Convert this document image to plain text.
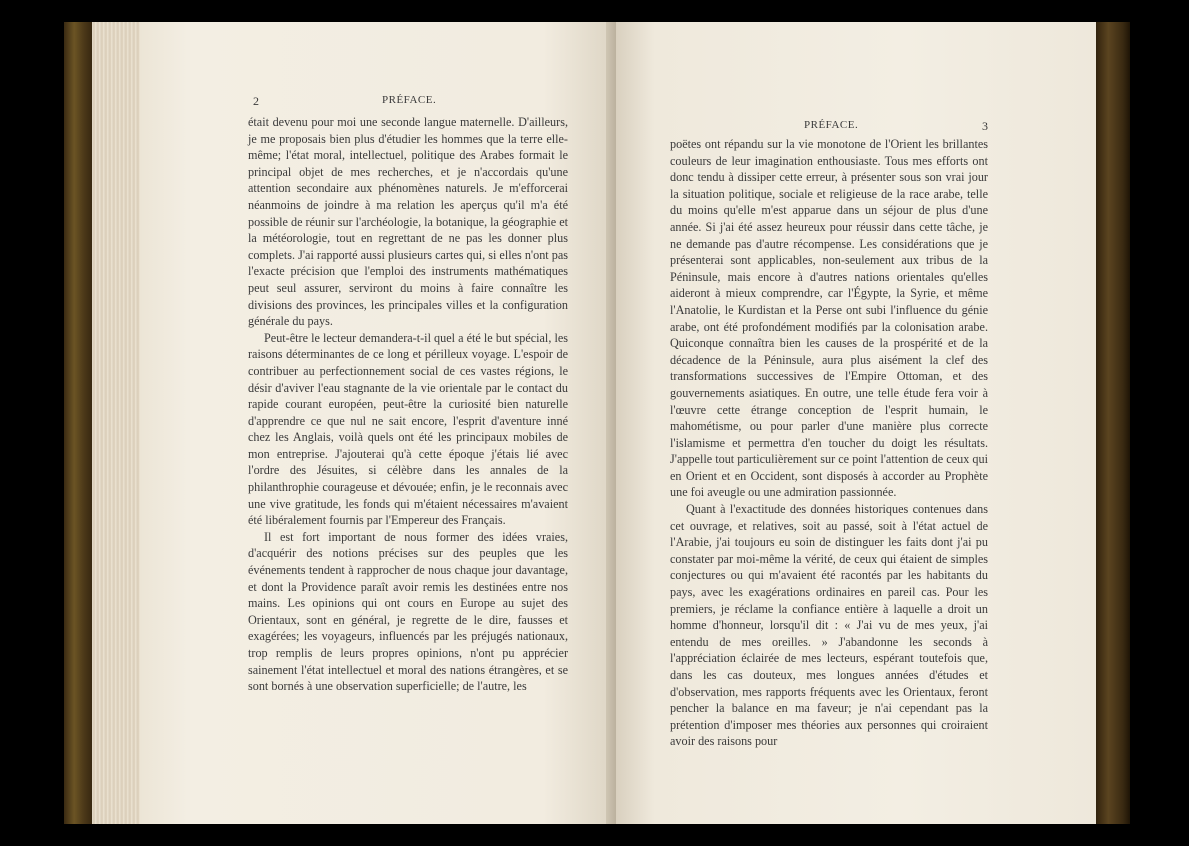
2	PRÉFACE.

était devenu pour moi une seconde langue maternelle. D'ailleurs, je me proposais bien plus d'étudier les hommes que la terre elle-même; l'état moral, intellectuel, politique des Arabes formait le principal objet de mes recherches, et je n'accordais qu'une attention secondaire aux phénomènes naturels. Je m'efforcerai néanmoins de joindre à ma relation les aperçus qu'il m'a été possible de réunir sur l'archéologie, la botanique, la géographie et la météorologie, tout en regrettant de ne pas les donner plus complets. J'ai rapporté aussi plusieurs cartes qui, si elles n'ont pas l'exacte précision que l'emploi des instruments mathématiques peut seul assurer, serviront du moins à faire connaître les divisions des provinces, les principales villes et la configuration générale du pays.

Peut-être le lecteur demandera-t-il quel a été le but spécial, les raisons déterminantes de ce long et périlleux voyage. L'espoir de contribuer au perfectionnement social de ces vastes régions, le désir d'aviver l'eau stagnante de la vie orientale par le contact du rapide courant européen, peut-être la curiosité bien naturelle d'apprendre ce que nul ne sait encore, l'esprit d'aventure inné chez les Anglais, voilà quels ont été les principaux mobiles de mon entreprise. J'ajouterai qu'à cette époque j'étais lié avec l'ordre des Jésuites, si célèbre dans les annales de la philanthrophie courageuse et dévouée; enfin, je le reconnais avec une vive gratitude, les fonds qui m'étaient nécessaires m'avaient été libéralement fournis par l'Empereur des Français.

Il est fort important de nous former des idées vraies, d'acquérir des notions précises sur des peuples que les événements tendent à rapprocher de nous chaque jour davantage, et dont la Providence paraît avoir remis les destinées entre nos mains. Les opinions qui ont cours en Europe au sujet des Orientaux, sont en général, je regrette de le dire, fausses et exagérées; les voyageurs, influencés par les préjugés nationaux, trop remplis de leurs propres opinions, n'ont pu apprécier sainement l'état intellectuel et moral des nations étrangères, et se sont bornés à une observation superficielle; de l'autre, les

PRÉFACE.	3

poëtes ont répandu sur la vie monotone de l'Orient les brillantes couleurs de leur imagination enthousiaste. Tous mes efforts ont donc tendu à dissiper cette erreur, à présenter sous son vrai jour la situation politique, sociale et religieuse de la race arabe, telle du moins qu'elle m'est apparue dans un séjour de plus d'une année. Si j'ai été assez heureux pour réussir dans cette tâche, je ne demande pas d'autre récompense. Les considérations que je présenterai sont applicables, non-seulement aux tribus de la Péninsule, mais encore à d'autres nations orientales qu'elles aideront à mieux comprendre, car l'Égypte, la Syrie, et même l'Anatolie, le Kurdistan et la Perse ont subi l'influence du génie arabe, ont été profondément modifiés par la colonisation arabe. Quiconque connaîtra bien les causes de la prospérité et de la décadence de la Péninsule, aura plus aisément la clef des transformations successives de l'Empire Ottoman, et des gouvernements asiatiques. En outre, une telle étude fera voir à l'œuvre cette étrange conception de l'esprit humain, le mahométisme, ou pour parler d'une manière plus correcte l'islamisme et permettra d'en toucher du doigt les résultats. J'appelle tout particulièrement sur ce point l'attention de ceux qui en Orient et en Occident, sont disposés à accorder au Prophète une foi aveugle ou une admiration passionnée.

Quant à l'exactitude des données historiques contenues dans cet ouvrage, et relatives, soit au passé, soit à l'état actuel de l'Arabie, j'ai toujours eu soin de distinguer les faits dont j'ai pu constater par moi-même la vérité, de ceux qui étaient de simples conjectures ou qui m'avaient été racontés par les habitants du pays, avec les exagérations ordinaires en pareil cas. Pour les premiers, je réclame la confiance entière à laquelle a droit un homme d'honneur, lorsqu'il dit : « J'ai vu de mes yeux, j'ai entendu de mes oreilles. » J'abandonne les seconds à l'appréciation éclairée de mes lecteurs, espérant toutefois que, dans les cas douteux, mes longues années d'études et d'observation, mes rapports fréquents avec les Orientaux, feront pencher la balance en ma faveur; je n'ai cependant pas la prétention d'imposer mes théories aux personnes qui croiraient avoir des raisons pour
